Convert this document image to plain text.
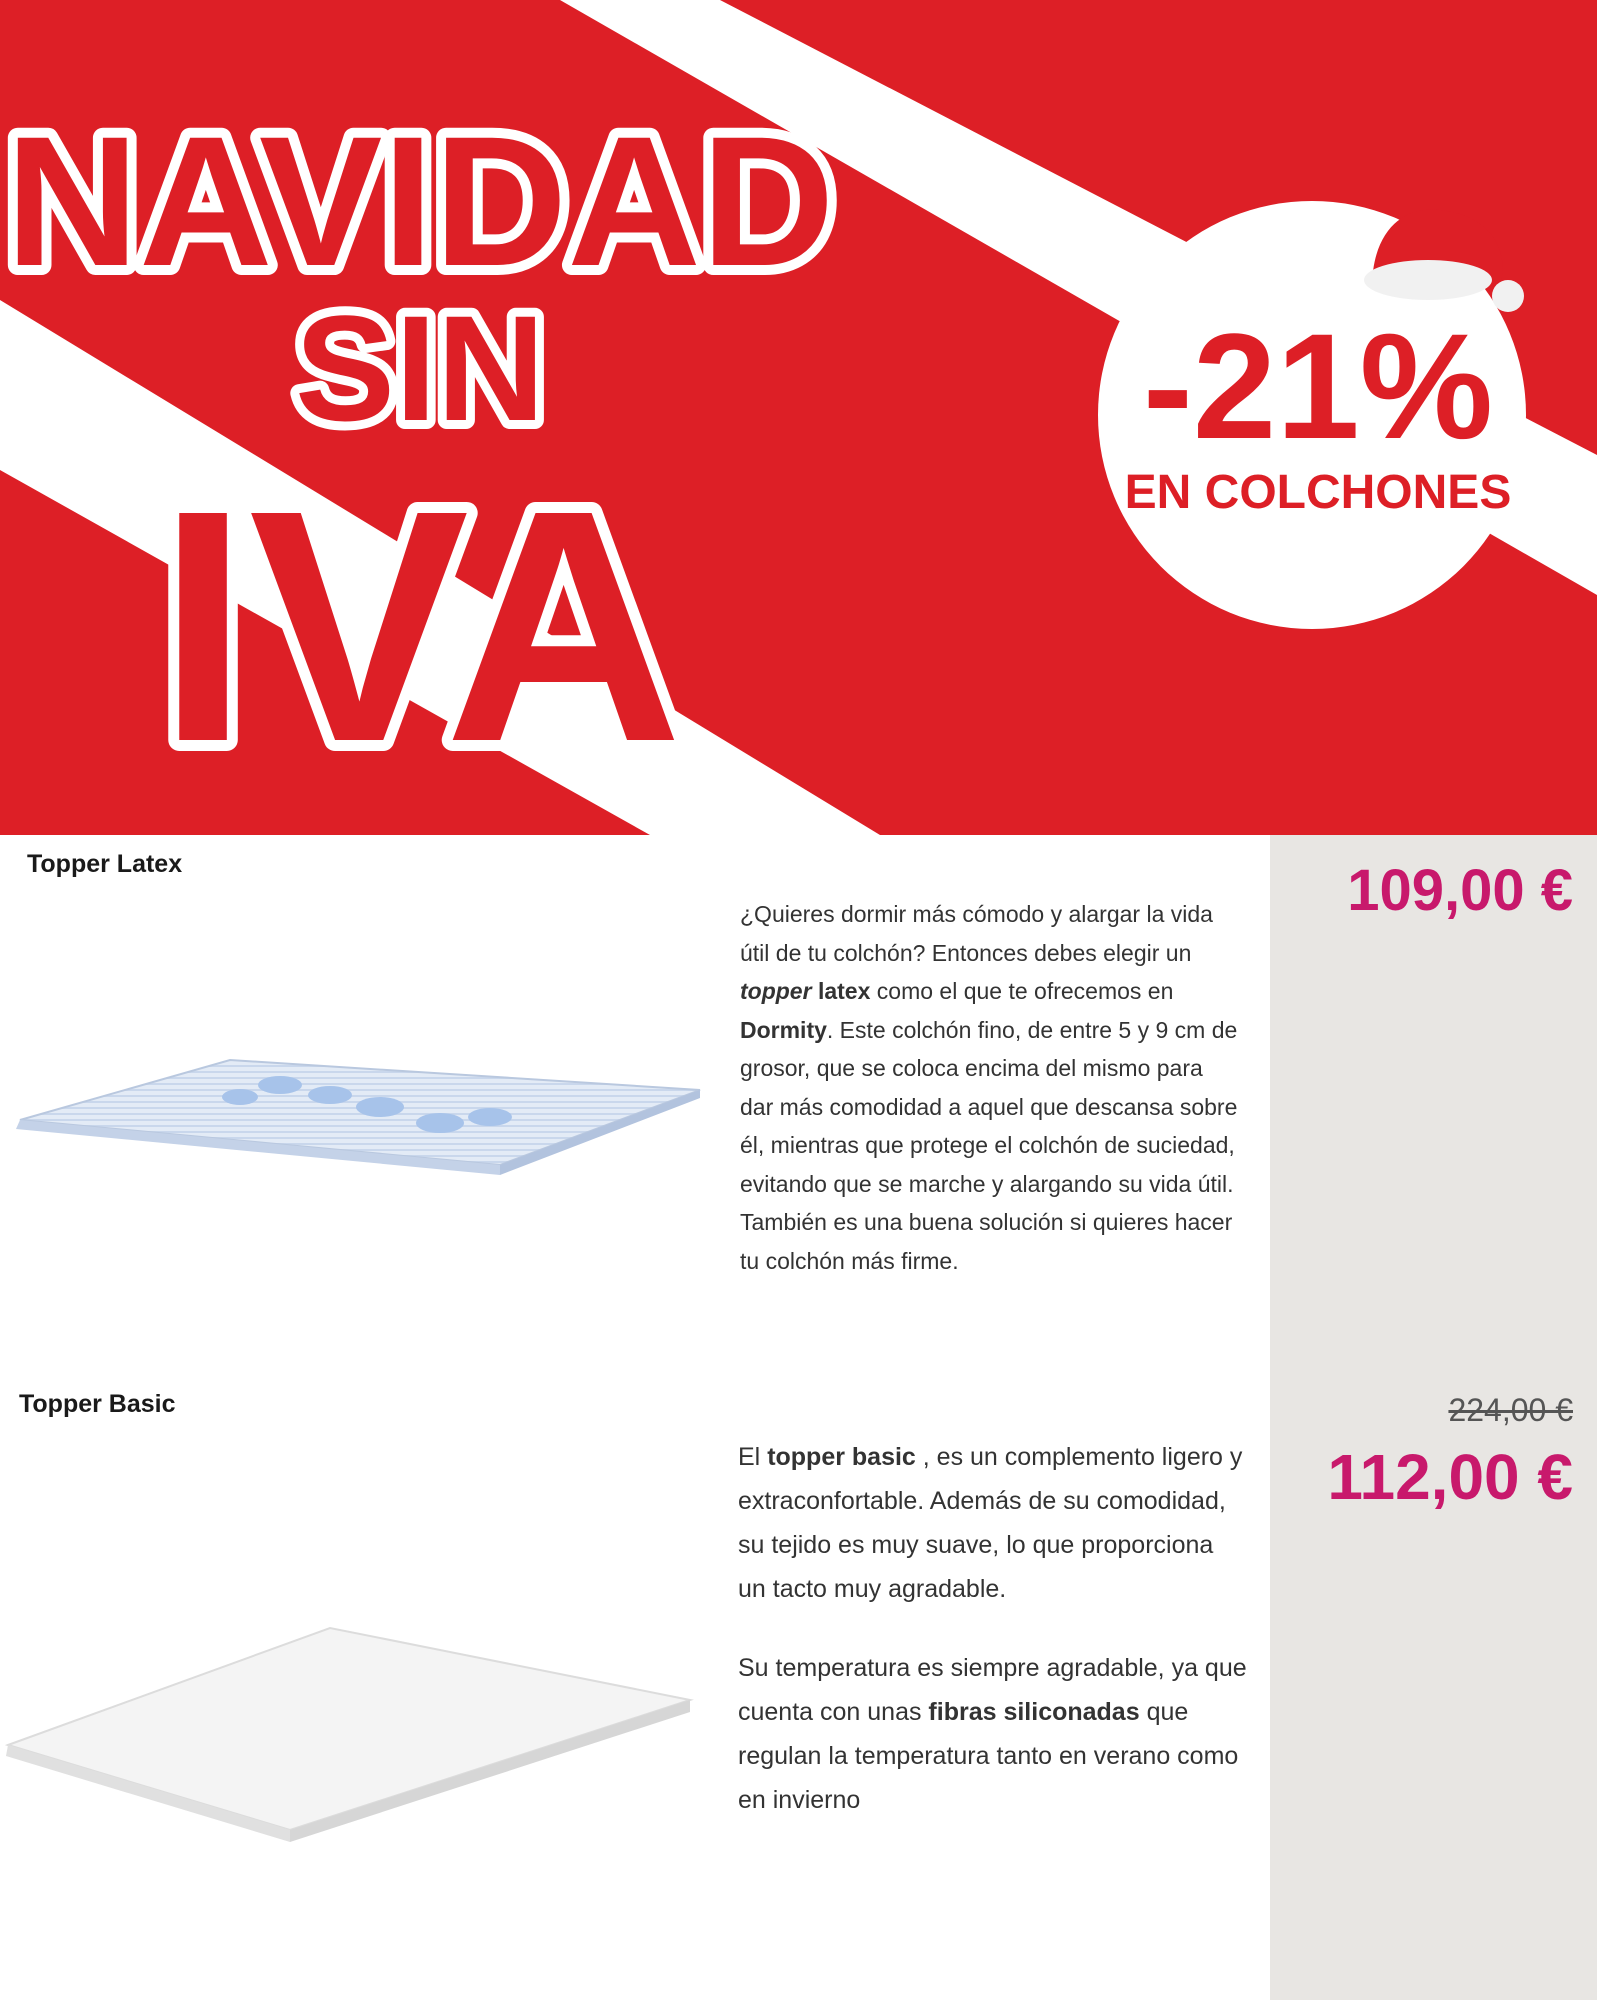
NAVIDAD
SIN
IVA
-21%
EN COLCHONES
Topper Latex

¿Quieres dormir más cómodo y alargar la vida útil de tu colchón? Entonces debes elegir un topper latex como el que te ofrecemos en Dormity. Este colchón fino, de entre 5 y 9 cm de grosor, que se coloca encima del mismo para dar más comodidad a aquel que descansa sobre él, mientras que protege el colchón de suciedad, evitando que se marche y alargando su vida útil. También es una buena solución si quieres hacer tu colchón más firme.

109,00 €
Topper Basic

El topper basic , es un complemento ligero y extraconfortable. Además de su comodidad, su tejido es muy suave, lo que proporciona un tacto muy agradable.

Su temperatura es siempre agradable, ya que cuenta con unas fibras siliconadas que regulan la temperatura tanto en verano como en invierno

224,00 €
112,00 €
